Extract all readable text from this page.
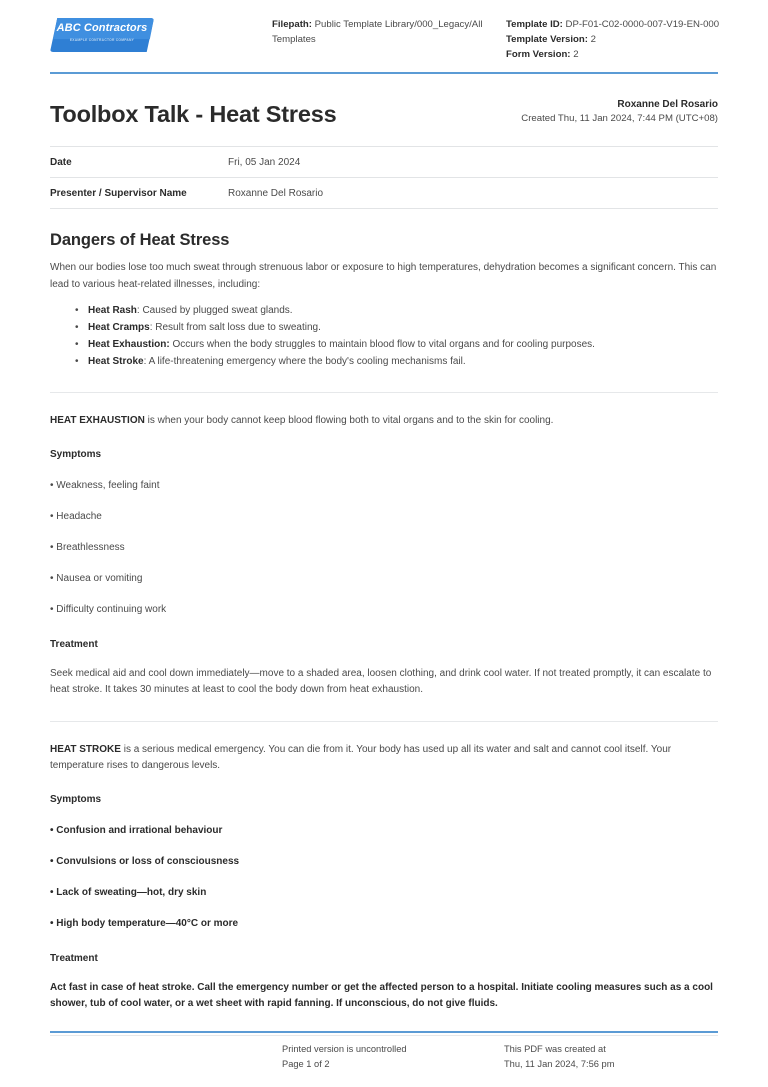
ABC Contractors
EXAMPLE CONTRACTOR COMPANY
Filepath: Public Template Library/000_Legacy/All Templates
Template ID: DP-F01-C02-0000-007-V19-EN-000
Template Version: 2
Form Version: 2
Toolbox Talk - Heat Stress	Roxanne Del Rosario
Created Thu, 11 Jan 2024, 7:44 PM (UTC+08)
Date	Fri, 05 Jan 2024
Presenter / Supervisor Name	Roxanne Del Rosario
Dangers of Heat Stress

When our bodies lose too much sweat through strenuous labor or exposure to high temperatures, dehydration becomes a significant concern. This can lead to various heat-related illnesses, including:

• Heat Rash: Caused by plugged sweat glands.
• Heat Cramps: Result from salt loss due to sweating.
• Heat Exhaustion: Occurs when the body struggles to maintain blood flow to vital organs and for cooling purposes.
• Heat Stroke: A life-threatening emergency where the body's cooling mechanisms fail.

HEAT EXHAUSTION is when your body cannot keep blood flowing both to vital organs and to the skin for cooling.

Symptoms
• Weakness, feeling faint
• Headache
• Breathlessness
• Nausea or vomiting
• Difficulty continuing work
Treatment

Seek medical aid and cool down immediately—move to a shaded area, loosen clothing, and drink cool water. If not treated promptly, it can escalate to heat stroke. It takes 30 minutes at least to cool the body down from heat exhaustion.

HEAT STROKE is a serious medical emergency. You can die from it. Your body has used up all its water and salt and cannot cool itself. Your temperature rises to dangerous levels.

Symptoms
• Confusion and irrational behaviour
• Convulsions or loss of consciousness
• Lack of sweating—hot, dry skin
• High body temperature—40°C or more
Treatment

Act fast in case of heat stroke. Call the emergency number or get the affected person to a hospital. Initiate cooling measures such as a cool shower, tub of cool water, or a wet sheet with rapid fanning. If unconscious, do not give fluids.

Printed version is uncontrolled
Page 1 of 2
This PDF was created at
Thu, 11 Jan 2024, 7:56 pm
